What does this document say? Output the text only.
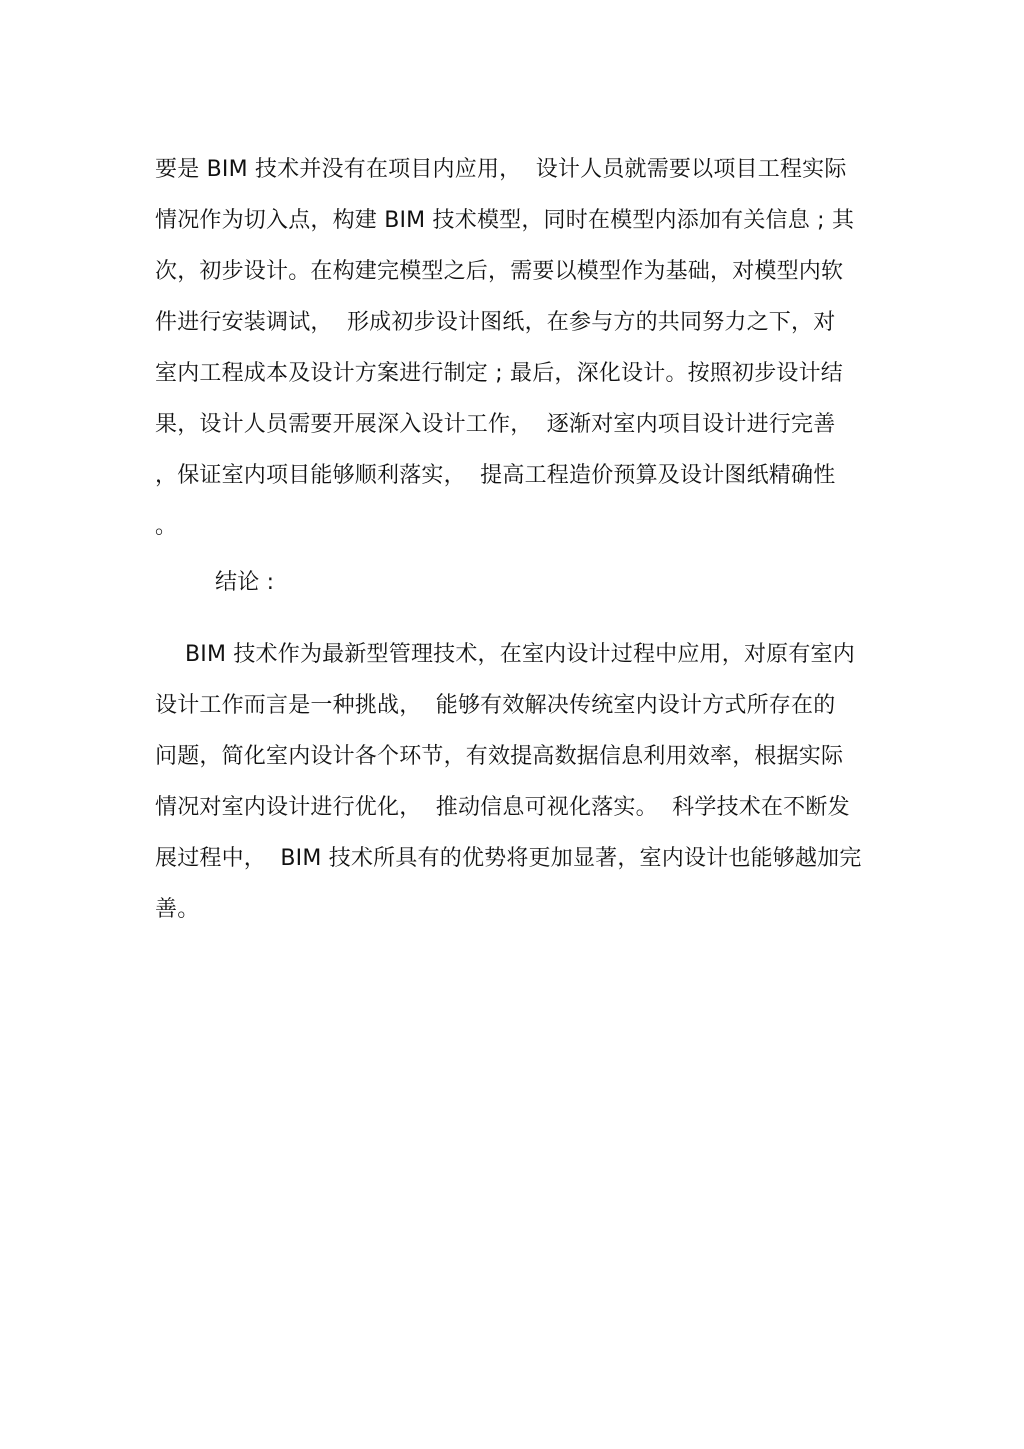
要是 BIM 技术并没有在项目内应用，  设计人员就需要以项目工程实际
情况作为切入点，构建 BIM 技术模型，同时在模型内添加有关信息 ; 其
次，初步设计。在构建完模型之后，需要以模型作为基础，对模型内软
件进行安装调试，  形成初步设计图纸，在参与方的共同努力之下，对
室内工程成本及设计方案进行制定 ; 最后，深化设计。按照初步设计结
果，设计人员需要开展深入设计工作，  逐渐对室内项目设计进行完善
，保证室内项目能够顺利落实，  提高工程造价预算及设计图纸精确性
。
结论 :
BIM 技术作为最新型管理技术，在室内设计过程中应用，对原有室内
设计工作而言是一种挑战，  能够有效解决传统室内设计方式所存在的
问题，简化室内设计各个环节，有效提高数据信息利用效率，根据实际
情况对室内设计进行优化，  推动信息可视化落实。  科学技术在不断发
展过程中，  BIM 技术所具有的优势将更加显著，室内设计也能够越加完
善。
